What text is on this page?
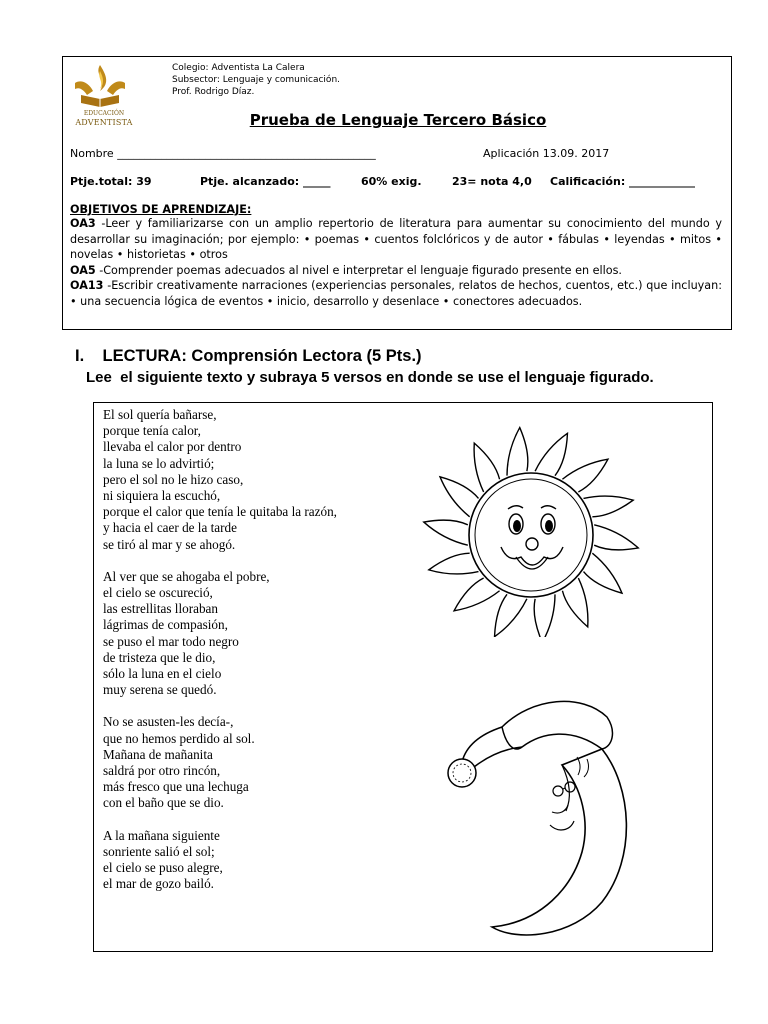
EDUCACIÓN
ADVENTISTA
Colegio: Adventista La Calera
Subsector: Lenguaje y comunicación.
Prof. Rodrigo Díaz.
Prueba de Lenguaje Tercero Básico
Nombre _______________________________________________	Aplicación 13.09. 2017
Ptje.total: 39	Ptje. alcanzado: _____	60% exig.	23= nota 4,0 Calificación: ____________
OBJETIVOS DE APRENDIZAJE:
OA3 -Leer y familiarizarse con un amplio repertorio de literatura para aumentar su conocimiento del mundo y desarrollar su imaginación; por ejemplo: • poemas • cuentos folclóricos y de autor • fábulas • leyendas • mitos • novelas • historietas • otros
OA5 -Comprender poemas adecuados al nivel e interpretar el lenguaje figurado presente en ellos.
OA13 -Escribir creativamente narraciones (experiencias personales, relatos de hechos, cuentos, etc.) que incluyan: • una secuencia lógica de eventos • inicio, desarrollo y desenlace • conectores adecuados.
I.    LECTURA: Comprensión Lectora (5 Pts.)
Lee  el siguiente texto y subraya 5 versos en donde se use el lenguaje figurado.
El sol quería bañarse,
porque tenía calor,
llevaba el calor por dentro
la luna se lo advirtió;
pero el sol no le hizo caso,
ni siquiera la escuchó,
porque el calor que tenía le quitaba la razón,
y hacia el caer de la tarde
se tiró al mar y se ahogó.
Al ver que se ahogaba el pobre,
el cielo se oscureció,
las estrellitas lloraban
lágrimas de compasión,
se puso el mar todo negro
de tristeza que le dio,
sólo la luna en el cielo
muy serena se quedó.
No se asusten-les decía-,
que no hemos perdido al sol.
Mañana de mañanita
saldrá por otro rincón,
más fresco que una lechuga
con el baño que se dio.
A la mañana siguiente
sonriente salió el sol;
el cielo se puso alegre,
el mar de gozo bailó.
